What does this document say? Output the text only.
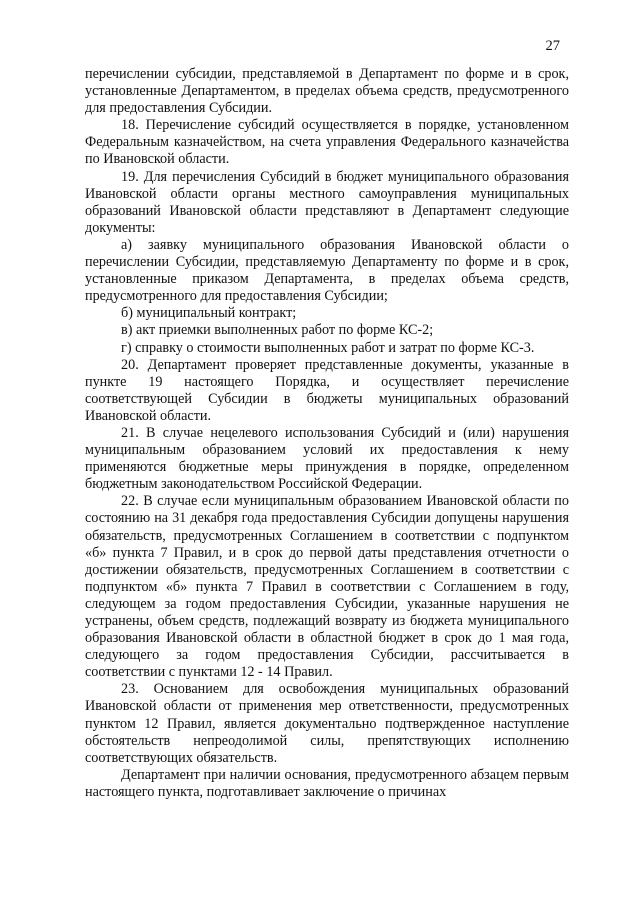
27

перечислении субсидии, представляемой в Департамент по форме и в срок, установленные Департаментом, в пределах объема средств, предусмотренного для предоставления Субсидии.

18. Перечисление субсидий осуществляется в порядке, установленном Федеральным казначейством, на счета управления Федерального казначейства по Ивановской области.

19. Для перечисления Субсидий в бюджет муниципального образования Ивановской области органы местного самоуправления муниципальных образований Ивановской области представляют в Департамент следующие документы:

а) заявку муниципального образования Ивановской области о перечислении Субсидии, представляемую Департаменту по форме и в срок, установленные приказом Департамента, в пределах объема средств, предусмотренного для предоставления Субсидии;

б) муниципальный контракт;

в) акт приемки выполненных работ по форме КС-2;

г) справку о стоимости выполненных работ и затрат по форме КС-3.

20. Департамент проверяет представленные документы, указанные в пункте 19 настоящего Порядка, и осуществляет перечисление соответствующей Субсидии в бюджеты муниципальных образований Ивановской области.

21. В случае нецелевого использования Субсидий и (или) нарушения муниципальным образованием условий их предоставления к нему применяются бюджетные меры принуждения в порядке, определенном бюджетным законодательством Российской Федерации.

22. В случае если муниципальным образованием Ивановской области по состоянию на 31 декабря года предоставления Субсидии допущены нарушения обязательств, предусмотренных Соглашением в соответствии с подпунктом «б» пункта 7 Правил, и в срок до первой даты представления отчетности о достижении обязательств, предусмотренных Соглашением в соответствии с подпунктом «б» пункта 7 Правил в соответствии с Соглашением в году, следующем за годом предоставления Субсидии, указанные нарушения не устранены, объем средств, подлежащий возврату из бюджета муниципального образования Ивановской области в областной бюджет в срок до 1 мая года, следующего за годом предоставления Субсидии, рассчитывается в соответствии с пунктами 12 - 14 Правил.

23. Основанием для освобождения муниципальных образований Ивановской области от применения мер ответственности, предусмотренных пунктом 12 Правил, является документально подтвержденное наступление обстоятельств непреодолимой силы, препятствующих исполнению соответствующих обязательств.

Департамент при наличии основания, предусмотренного абзацем первым настоящего пункта, подготавливает заключение о причинах
